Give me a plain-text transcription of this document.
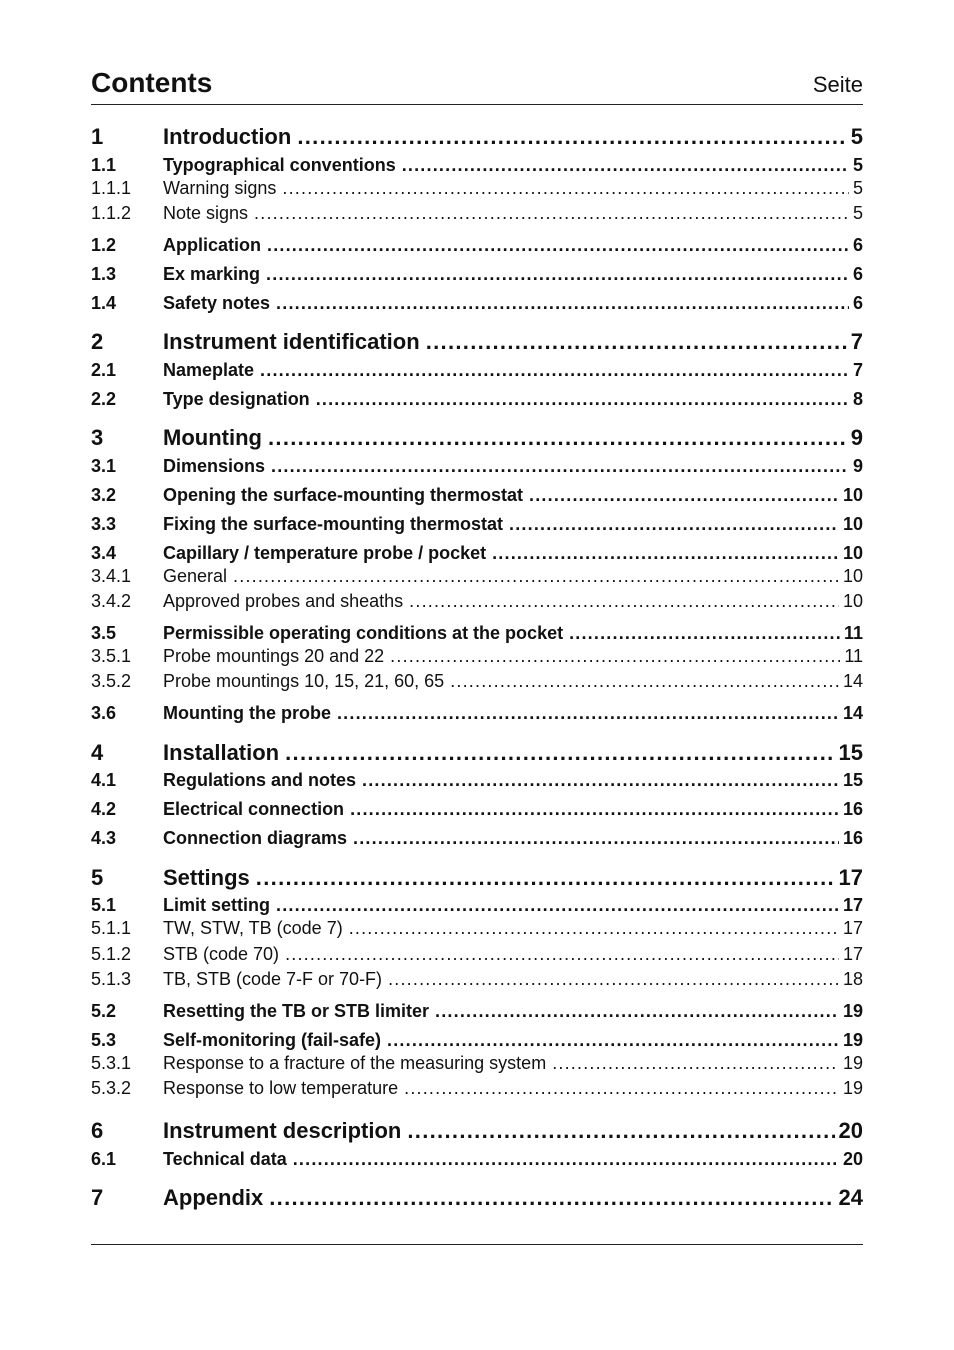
Contents	Seite
1	Introduction . . .	5
1.1	Typographical conventions . . .	5
1.1.1	Warning signs . . .	5
1.1.2	Note signs . . .	5
1.2	Application . . .	6
1.3	Ex marking . . .	6
1.4	Safety notes . . .	6
2	Instrument identification . . .	7
2.1	Nameplate . . .	7
2.2	Type designation . . .	8
3	Mounting . . .	9
3.1	Dimensions . . .	9
3.2	Opening the surface-mounting thermostat . . .	10
3.3	Fixing the surface-mounting thermostat . . .	10
3.4	Capillary / temperature probe / pocket . . .	10
3.4.1	General . . .	10
3.4.2	Approved probes and sheaths . . .	10
3.5	Permissible operating conditions at the pocket . . .	11
3.5.1	Probe mountings 20 and 22 . . .	11
3.5.2	Probe mountings 10, 15, 21, 60, 65 . . .	14
3.6	Mounting the probe . . .	14
4	Installation . . .	15
4.1	Regulations and notes . . .	15
4.2	Electrical connection . . .	16
4.3	Connection diagrams . . .	16
5	Settings . . .	17
5.1	Limit setting . . .	17
5.1.1	TW, STW, TB (code 7) . . .	17
5.1.2	STB (code 70) . . .	17
5.1.3	TB, STB (code 7-F or 70-F) . . .	18
5.2	Resetting the TB or STB limiter . . .	19
5.3	Self-monitoring (fail-safe) . . .	19
5.3.1	Response to a fracture of the measuring system . . .	19
5.3.2	Response to low temperature . . .	19
6	Instrument description . . .	20
6.1	Technical data . . .	20
7	Appendix . . .	24
